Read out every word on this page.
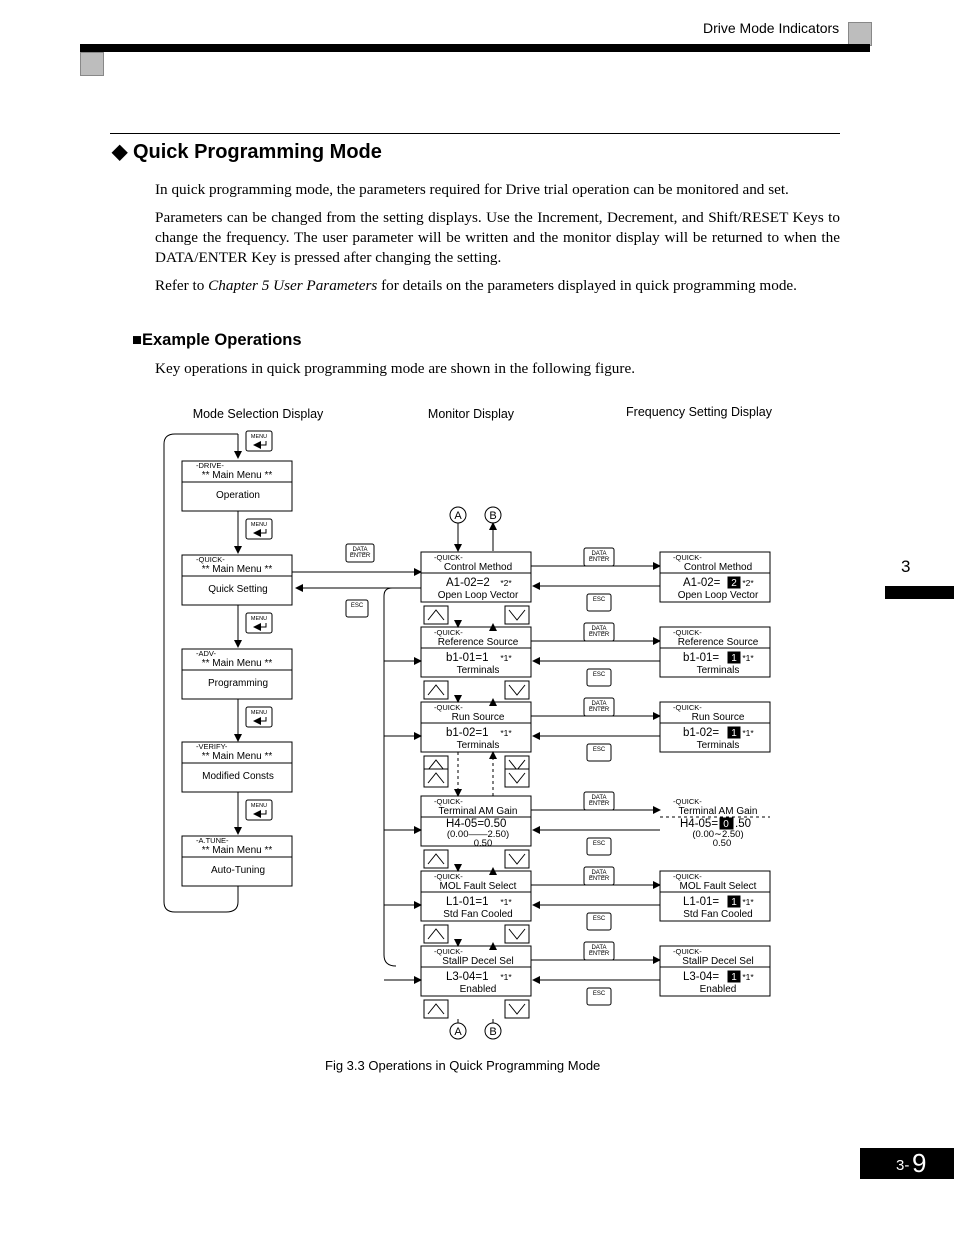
Drive Mode Indicators
◆ Quick Programming Mode
In quick programming mode, the parameters required for Drive trial operation can be monitored and set.
Parameters can be changed from the setting displays. Use the Increment, Decrement, and Shift/RESET Keys to change the frequency. The user parameter will be written and the monitor display will be returned to when the DATA/ENTER Key is pressed after changing the setting.
Refer to Chapter 5 User Parameters for details on the parameters displayed in quick programming mode.
■Example Operations
Key operations in quick programming mode are shown in the following figure.
Mode Selection Display	Monitor Display	Frequency Setting Display
MENU
-DRIVE-
** Main Menu **
Operation
MENU
-QUICK-
** Main Menu **
Quick Setting
MENU
-ADV-
** Main Menu **
Programming
MENU
-VERIFY-
** Main Menu **
Modified Consts
MENU
-A.TUNE-
** Main Menu **
Auto-Tuning
DATA
ENTER
ESC
A	B
A	B
-QUICK-
Control Method
A1-02=2 *2*
Open Loop Vector
DATA
ENTER
ESC
-QUICK-
Control Method
A1-02= 2 *2*
Open Loop Vector
-QUICK-
Reference Source
b1-01=1 *1*
Terminals
DATA
ENTER
ESC
-QUICK-
Reference Source
b1-01= 1 *1*
Terminals
-QUICK-
Run Source
b1-02=1 *1*
Terminals
DATA
ENTER
ESC
-QUICK-
Run Source
b1-02= 1 *1*
Terminals
-QUICK-
Terminal AM Gain
H4-05=0.50
(0.00——2.50)
0.50
DATA
ENTER
ESC
-QUICK-
Terminal AM Gain
H4-05= 0 .50
(0.00∼2.50)
0.50
-QUICK-
MOL Fault Select
L1-01=1 *1*
Std Fan Cooled
DATA
ENTER
ESC
-QUICK-
MOL Fault Select
L1-01= 1 *1*
Std Fan Cooled
-QUICK-
StallP Decel Sel
L3-04=1 *1*
Enabled
DATA
ENTER
ESC
-QUICK-
StallP Decel Sel
L3-04= 1 *1*
Enabled
Fig 3.3 Operations in Quick Programming Mode
3
3- 9
